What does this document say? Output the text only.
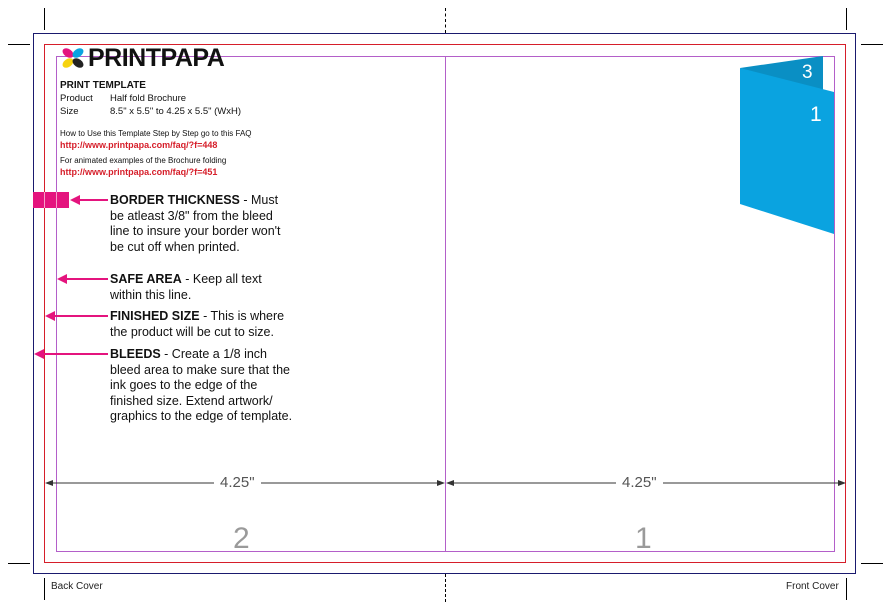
PRINTPAPA
PRINT TEMPLATE
Product Half fold Brochure
Size	8.5" x 5.5" to 4.25 x 5.5" (WxH)
How to Use this Template Step by Step go to this FAQ
http://www.printpapa.com/faq/?f=448
For animated examples of the Brochure folding
http://www.printpapa.com/faq/?f=451
BORDER THICKNESS - Must
be atleast 3/8" from the bleed
line to insure your border won't
be cut off when printed.
SAFE AREA - Keep all text
within this line.
FINISHED SIZE - This is where
the product will be cut to size.
BLEEDS - Create a 1/8 inch
bleed area to make sure that the
ink goes to the edge of the
finished size. Extend artwork/
graphics to the edge of template.
4.25"	4.25"
2	1
3
1
Back Cover	Front Cover
